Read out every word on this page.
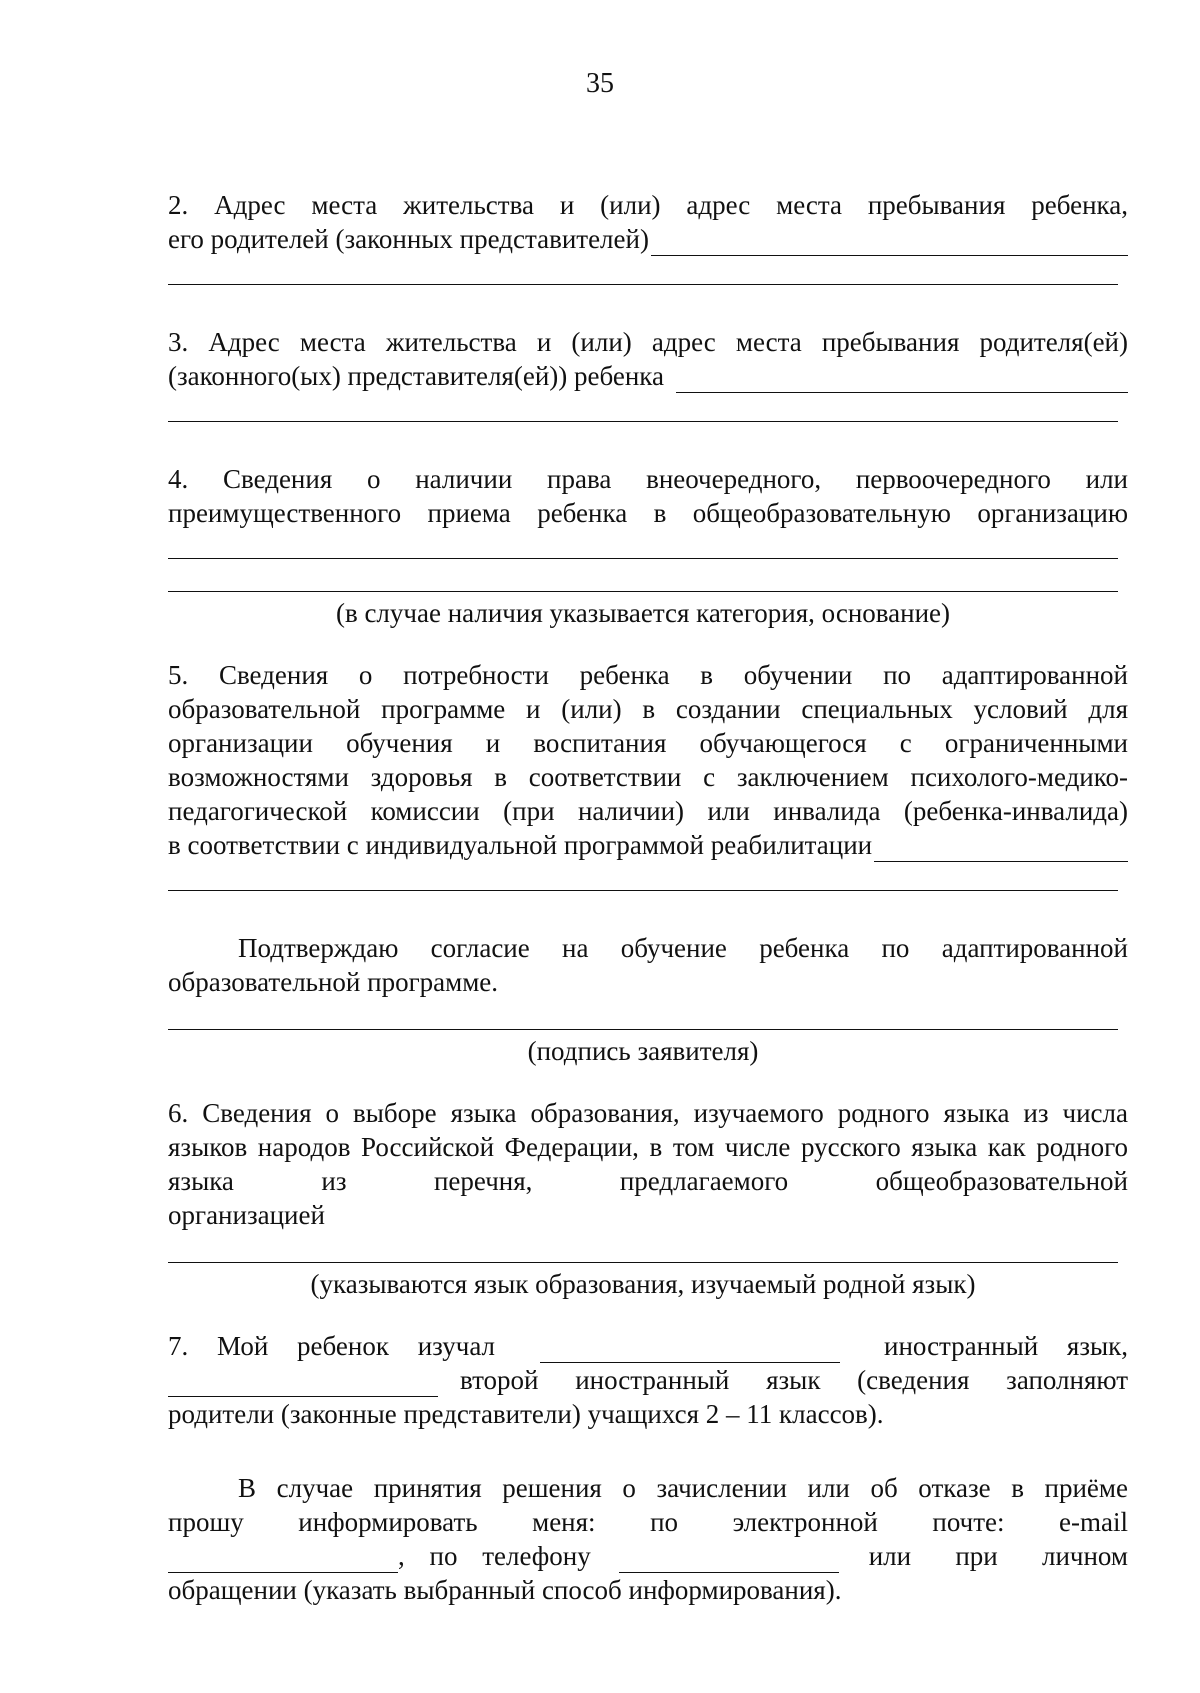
35

2. Адрес места жительства и (или) адрес места пребывания ребенка,

его родителей (законных представителей)

3. Адрес места жительства и (или) адрес места пребывания родителя(ей)

(законного(ых) представителя(ей)) ребенка

4. Сведения о наличии права внеочередного, первоочередного или преимущественного приема ребенка в общеобразовательную организацию

(в случае наличия указывается категория, основание)

5. Сведения о потребности ребенка в обучении по адаптированной образовательной программе и (или) в создании специальных условий для организации обучения и воспитания обучающегося с ограниченными возможностями здоровья в соответствии с заключением психолого-медико-педагогической комиссии (при наличии) или инвалида (ребенка-инвалида)

в соответствии с индивидуальной программой реабилитации

Подтверждаю согласие на обучение ребенка по адаптированной образовательной программе.

(подпись заявителя)

6. Сведения о выборе языка образования, изучаемого родного языка из числа языков народов Российской Федерации, в том числе русского языка как родного языка из перечня, предлагаемого общеобразовательной

организацией

(указываются язык образования, изучаемый родной язык)
7. Мой ребенок изучал	иностранный язык,
второй иностранный язык (сведения заполняют

родители (законные представители) учащихся 2 – 11 классов).

В случае принятия решения о зачислении или об отказе в приёме

прошу информировать меня: по электронной почте: e-mail

, по телефону	или при личном

обращении (указать выбранный способ информирования).
